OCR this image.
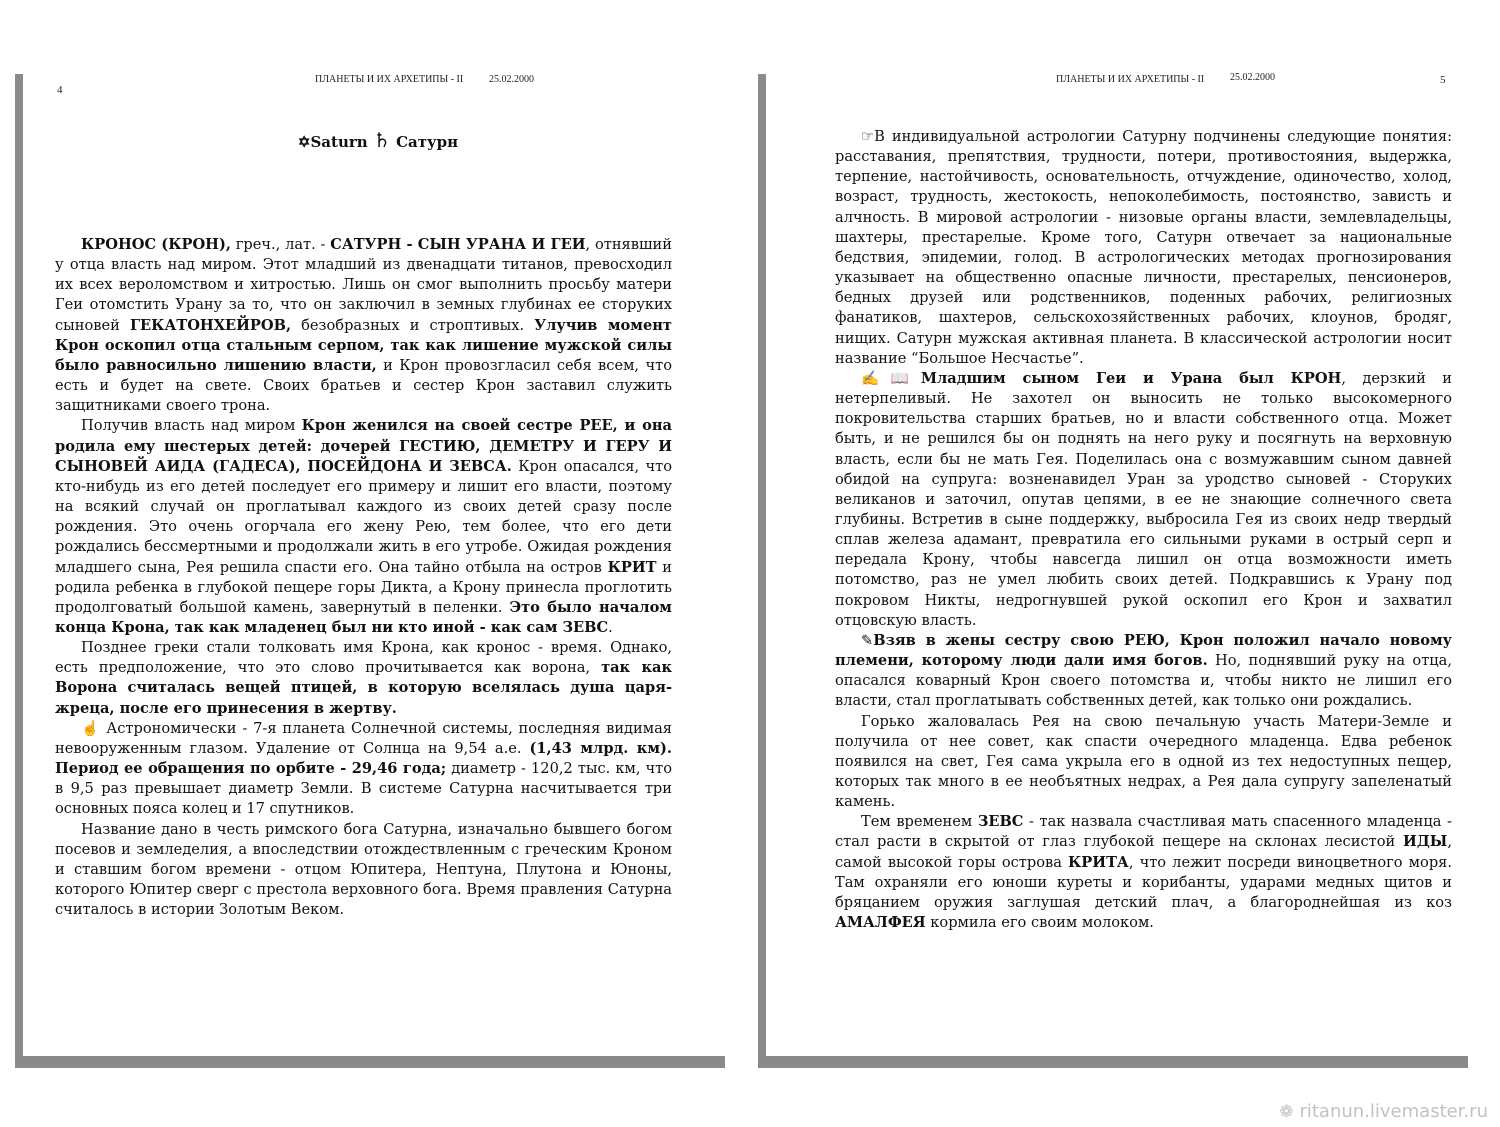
ПЛАНЕТЫ И ИХ АРХЕТИПЫ - II	25.02.2000
4
✡Saturn ♄ Сатурн

КРОНОС (КРОН), греч., лат. - САТУРН - СЫН УРАНА И ГЕИ, отнявший у отца власть над миром. Этот младший из двенадцати титанов, превосходил их всех вероломством и хитростью. Лишь он смог выполнить просьбу матери Геи отомстить Урану за то, что он заключил в земных глубинах ее сторуких сыновей ГЕКАТОНХЕЙРОВ, безобразных и строптивых. Улучив момент Крон оскопил отца стальным серпом, так как лишение мужской силы было равносильно лишению власти, и Крон провозгласил себя всем, что есть и будет на свете. Своих братьев и сестер Крон заставил служить защитниками своего трона.

Получив власть над миром Крон женился на своей сестре РЕЕ, и она родила ему шестерых детей: дочерей ГЕСТИЮ, ДЕМЕТРУ И ГЕРУ И СЫНОВЕЙ АИДА (ГАДЕСА), ПОСЕЙДОНА И ЗЕВСА. Крон опасался, что кто-нибудь из его детей последует его примеру и лишит его власти, поэтому на всякий случай он проглатывал каждого из своих детей сразу после рождения. Это очень огорчала его жену Рею, тем более, что его дети рождались бессмертными и продолжали жить в его утробе. Ожидая рождения младшего сына, Рея решила спасти его. Она тайно отбыла на остров КРИТ и родила ребенка в глубокой пещере горы Дикта, а Крону принесла проглотить продолговатый большой камень, завернутый в пеленки. Это было началом конца Крона, так как младенец был ни кто иной - как сам ЗЕВС.

Позднее греки стали толковать имя Крона, как кронос - время. Однако, есть предположение, что это слово прочитывается как ворона, так как Ворона считалась вещей птицей, в которую вселялась душа царя-жреца, после его принесения в жертву.

☝ Астрономически - 7-я планета Солнечной системы, последняя видимая невооруженным глазом. Удаление от Солнца на 9,54 а.е. (1,43 млрд. км). Период ее обращения по орбите - 29,46 года; диаметр - 120,2 тыс. км, что в 9,5 раз превышает диаметр Земли. В системе Сатурна насчитывается три основных пояса колец и 17 спутников.

Название дано в честь римского бога Сатурна, изначально бывшего богом посевов и земледелия, а впоследствии отождествленным с греческим Кроном и ставшим богом времени - отцом Юпитера, Нептуна, Плутона и Юноны, которого Юпитер сверг с престола верховного бога. Время правления Сатурна считалось в истории Золотым Веком.

ПЛАНЕТЫ И ИХ АРХЕТИПЫ - II	25.02.2000	5

☞В индивидуальной астрологии Сатурну подчинены следующие понятия: расставания, препятствия, трудности, потери, противостояния, выдержка, терпение, настойчивость, основательность, отчуждение, одиночество, холод, возраст, трудность, жестокость, непоколебимость, постоянство, зависть и алчность. В мировой астрологии - низовые органы власти, землевладельцы, шахтеры, престарелые. Кроме того, Сатурн отвечает за национальные бедствия, эпидемии, голод. В астрологических методах прогнозирования указывает на общественно опасные личности, престарелых, пенсионеров, бедных друзей или родственников, поденных рабочих, религиозных фанатиков, шахтеров, сельскохозяйственных рабочих, клоунов, бродяг, нищих. Сатурн мужская активная планета. В классической астрологии носит название “Большое Несчастье”.

✍📖Младшим сыном Геи и Урана был КРОН, дерзкий и нетерпеливый. Не захотел он выносить не только высокомерного покровительства старших братьев, но и власти собственного отца. Может быть, и не решился бы он поднять на него руку и посягнуть на верховную власть, если бы не мать Гея. Поделилась она с возмужавшим сыном давней обидой на супруга: возненавидел Уран за уродство сыновей - Сторуких великанов и заточил, опутав цепями, в ее не знающие солнечного света глубины. Встретив в сыне поддержку, выбросила Гея из своих недр твердый сплав железа адамант, превратила его сильными руками в острый серп и передала Крону, чтобы навсегда лишил он отца возможности иметь потомство, раз не умел любить своих детей. Подкравшись к Урану под покровом Никты, недрогнувшей рукой оскопил его Крон и захватил отцовскую власть.

✎Взяв в жены сестру свою РЕЮ, Крон положил начало новому племени, которому люди дали имя богов. Но, поднявший руку на отца, опасался коварный Крон своего потомства и, чтобы никто не лишил его власти, стал проглатывать собственных детей, как только они рождались.

Горько жаловалась Рея на свою печальную участь Матери-Земле и получила от нее совет, как спасти очередного младенца. Едва ребенок появился на свет, Гея сама укрыла его в одной из тех недоступных пещер, которых так много в ее необъятных недрах, а Рея дала супругу запеленатый камень.

Тем временем ЗЕВС - так назвала счастливая мать спасенного младенца - стал расти в скрытой от глаз глубокой пещере на склонах лесистой ИДЫ, самой высокой горы острова КРИТА, что лежит посреди виноцветного моря. Там охраняли его юноши куреты и корибанты, ударами медных щитов и бряцанием оружия заглушая детский плач, а благороднейшая из коз АМАЛФЕЯ кормила его своим молоком.

❁ ritanun.livemaster.ru
